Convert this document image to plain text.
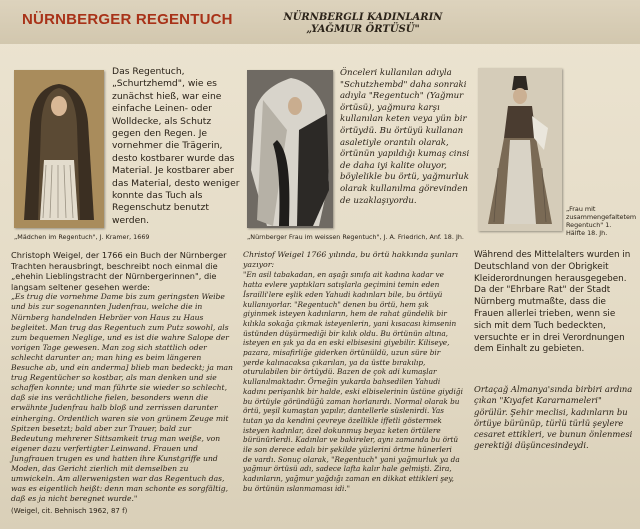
NÜRNBERGER REGENTUCH	NÜRNBERGLI KADINLARIN
„YAĞMUR ÖRTÜSÜ"
„Mädchen im Regentuch", J. Kramer, 1669	„Nürnberger Frau im weissen Regentuch", J. A. Friedrich, Anf. 18. Jh.
„Frau mit zusammengefaltetem Regentuch" 1. Hälfte 18. Jh.
Das Regentuch, „Schurtzhemd", wie es zunächst hieß, war eine einfache Leinen- oder Wolldecke, als Schutz gegen den Regen. Je vornehmer die Trägerin, desto kostbarer wurde das Material. Je kostbarer aber das Material, desto weniger konnte das Tuch als Regenschutz benutzt werden.
Önceleri kullanılan adıyla "Schutzhembd" daha sonraki adıyla "Regentuch" (Yağmur örtüsü), yağmura karşı kullanılan keten veya yün bir örtüydü. Bu örtüyü kullanan asaletiyle orantılı olarak, örtünün yapıldığı kumaş cinsi de daha iyi kalite oluyor, böylelikle bu örtü, yağmurluk olarak kullanılma görevinden de uzaklaşıyordu.

Christoph Weigel, der 1766 ein Buch der Nürnberger Trachten herausbringt, beschreibt noch einmal die „ehehin Lieblingstracht der Nürnbergerinnen", die langsam seltener gesehen werde:

„Es trug die vornehme Dame bis zum geringsten Weibe und bis zur sogenannten Judenfrau, welche die in Nürnberg handelnden Hebräer von Haus zu Haus begleitet. Man trug das Regentuch zum Putz sowohl, als zum bequemen Neglige, und es ist die wahre Salope der vorigen Tage gewesen. Man zog sich stattlich oder schlecht darunter an; man hing es beim längeren Besuche ab, und ein anderma] blieb man bedeckt; ja man trug Regentücher so kostbar, als man denken und sie schaffen konnte; und man führte sie wieder so schlecht, daß sie ins verächtliche fielen, besonders wenn die erwähnte Judenfrau halb bloß und zerrissen darunter einherging. Ordentlich waren sie von grünem Zeuge mit Spitzen besetzt; bald aber zur Trauer, bald zur Bedeutung mehrerer Sittsamkeit trug man weiße, von eigener dazu verfertigter Leinwand. Frauen und Jungfrauen trugen es und hatten ihre Kunstgriffe und Moden, das Gericht zierlich mit demselben zu umwickeln. Am allerwenigsten war das Regentuch das, was es eigentlich heißt: denn man schonte es sorgfältig, daß es ja nicht beregnet wurde."

(Weigel, cit. Behnisch 1962, 87 f)

Christof Weigel 1766 yılında, bu örtü hakkında şunları yazıyor:

"En asil tabakadan, en aşağı sınıfa ait kadına kadar ve hatta evlere yaptıkları satışlarla geçimini temin eden İsrailli'lere eşlik eden Yahudi kadınları bile, bu örtüyü kullanıyorlar. "Regentuch" denen bu örtü, hem şık giyinmek isteyen kadınların, hem de rahat gündelik bir kılıkla sokağa çıkmak isteyenlerin, yani kısacası kimsenin üstünden düşürmediği bir kılık oldu. Bu örtünün altına, isteyen en şık ya da en eski elbisesini giyebilir. Kiliseye, pazara, misafirliğe giderken örtünüldü, uzun süre bir yerde kalınacaksa çıkarılan, ya da üstte bırakılıp, oturulabilen bir örtüydü. Bazen de çok adi kumaşlar kullanılmaktadır. Örneğin yukarda bahsedilen Yahudi kadını perişanlık bir halde, eski elbiselerinin üstüne giydiği bu örtüyle göründüğü zaman horlanırdı. Normal olarak bu örtü, yeşil kumaştan yapılır, dantellerle süslenirdi. Yas tutan ya da kendini çevreye özellikle iffetli göstermek isteyen kadınlar, özel dokunmuş beyaz keten örtülere bürünürlerdi. Kadınlar ve bakireler, aynı zamanda bu örtü ile son derece edalı bir şekilde yüzlerini örtme hünerleri de vardı. Sonuç olarak, "Regentuch" yani yağmurluk ya da yağmur örtüsü adı, sadece lafta kalır hale gelmişti. Zira, kadınların, yağmur yağdığı zaman en dikkat ettikleri şey, bu örtünün ıslanmaması idi."

Während des Mittelalters wurden in Deutschland von der Obrigkeit Kleiderordnungen herausgegeben. Da der "Ehrbare Rat" der Stadt Nürnberg mutmaßte, dass die Frauen allerlei trieben, wenn sie sich mit dem Tuch bedeckten, versuchte er in drei Verordnungen dem Einhalt zu gebieten.
Ortaçağ Almanya'sında birbiri ardına çıkan "Kıyafet Kararnameleri" görülür. Şehir meclisi, kadınların bu örtüye bürünüp, türlü türlü şeylere cesaret ettikleri, ve bunun önlenmesi gerektiği düşüncesindeydi.
